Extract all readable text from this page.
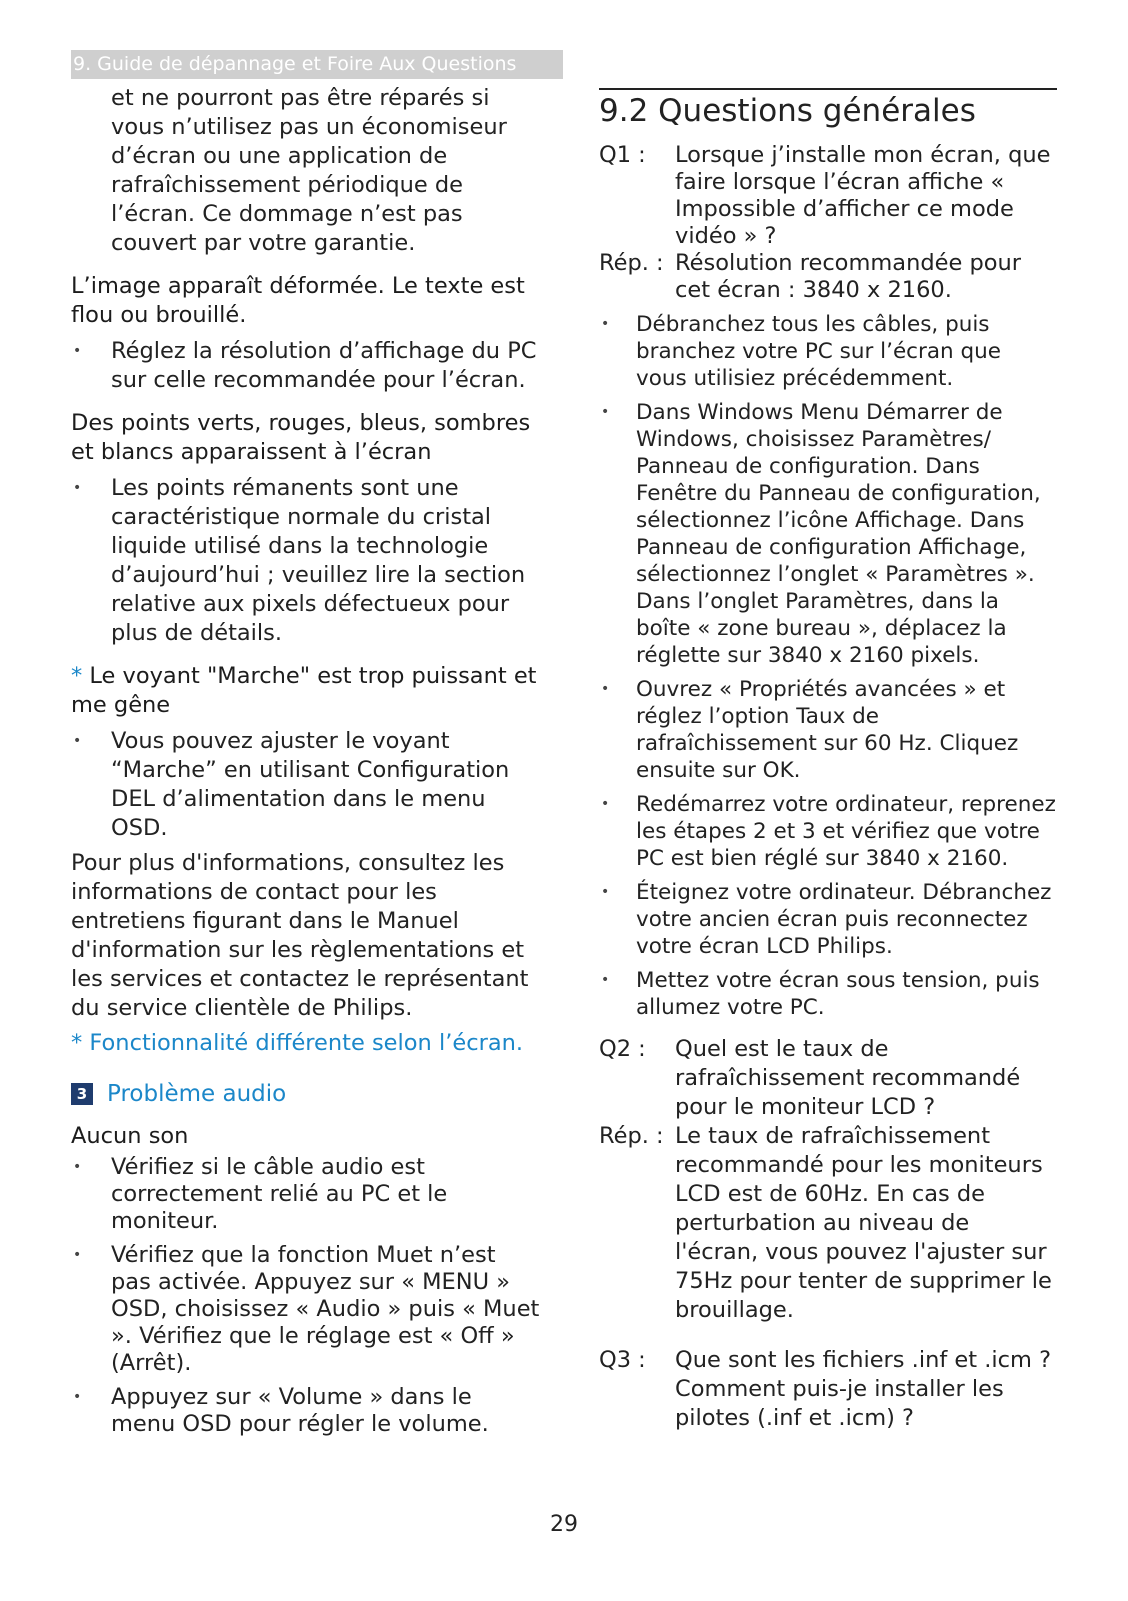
9. Guide de dépannage et Foire Aux Questions

et ne pourront pas être réparés si vous n’utilisez pas un économiseur d’écran ou une application de rafraîchissement périodique de l’écran. Ce dommage n’est pas couvert par votre garantie.

L’image apparaît déformée. Le texte est flou ou brouillé.

• Réglez la résolution d’affichage du PC sur celle recommandée pour l’écran.

Des points verts, rouges, bleus, sombres et blancs apparaissent à l’écran

• Les points rémanents sont une caractéristique normale du cristal liquide utilisé dans la technologie d’aujourd’hui ; veuillez lire la section relative aux pixels défectueux pour plus de détails.

* Le voyant "Marche" est trop puissant et me gêne

• Vous pouvez ajuster le voyant “Marche” en utilisant Configuration DEL d’alimentation dans le menu OSD.

Pour plus d'informations, consultez les informations de contact pour les entretiens figurant dans le Manuel d'information sur les règlementations et les services et contactez le représentant du service clientèle de Philips.

* Fonctionnalité différente selon l’écran.

3 Problème audio

Aucun son

• Vérifiez si le câble audio est correctement relié au PC et le moniteur.
• Vérifiez que la fonction Muet n’est pas activée. Appuyez sur « MENU » OSD, choisissez « Audio » puis « Muet ». Vérifiez que le réglage est « Off » (Arrêt).
• Appuyez sur « Volume » dans le menu OSD pour régler le volume.
9.2 Questions générales
Q1 :	Lorsque j’installe mon écran, que faire lorsque l’écran affiche « Impossible d’afficher ce mode vidéo » ?
Rép. : Résolution recommandée pour cet écran : 3840 x 2160.
• Débranchez tous les câbles, puis branchez votre PC sur l’écran que vous utilisiez précédemment.
• Dans Windows Menu Démarrer de Windows, choisissez Paramètres/ Panneau de configuration. Dans Fenêtre du Panneau de configuration, sélectionnez l’icône Affichage. Dans Panneau de configuration Affichage, sélectionnez l’onglet « Paramètres ». Dans l’onglet Paramètres, dans la boîte « zone bureau », déplacez la réglette sur 3840 x 2160 pixels.
• Ouvrez « Propriétés avancées » et réglez l’option Taux de rafraîchissement sur 60 Hz. Cliquez ensuite sur OK.
• Redémarrez votre ordinateur, reprenez les étapes 2 et 3 et vérifiez que votre PC est bien réglé sur 3840 x 2160.
• Éteignez votre ordinateur. Débranchez votre ancien écran puis reconnectez votre écran LCD Philips.
• Mettez votre écran sous tension, puis allumez votre PC.
Q2 :	Quel est le taux de rafraîchissement recommandé pour le moniteur LCD ?
Rép. : Le taux de rafraîchissement recommandé pour les moniteurs LCD est de 60Hz. En cas de perturbation au niveau de l'écran, vous pouvez l'ajuster sur 75Hz pour tenter de supprimer le brouillage.
Q3 :	Que sont les fichiers .inf et .icm ? Comment puis-je installer les pilotes (.inf et .icm) ?
29
